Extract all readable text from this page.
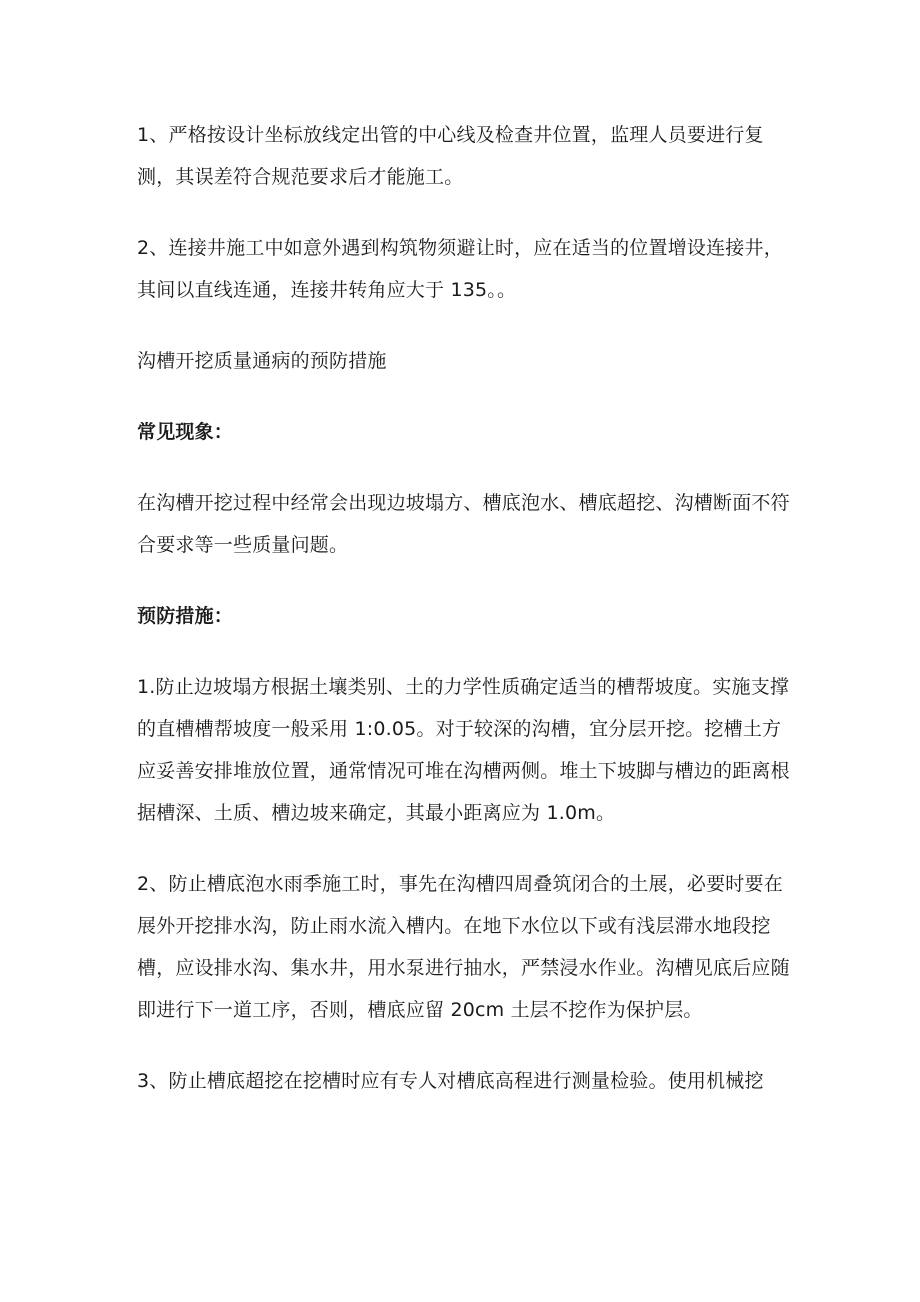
1、严格按设计坐标放线定出管的中心线及检查井位置，监理人员要进行复测，其误差符合规范要求后才能施工。

2、连接井施工中如意外遇到构筑物须避让时，应在适当的位置增设连接井，其间以直线连通，连接井转角应大于 135。。

沟槽开挖质量通病的预防措施

常见现象：

在沟槽开挖过程中经常会出现边坡塌方、槽底泡水、槽底超挖、沟槽断面不符合要求等一些质量问题。

预防措施：

1.防止边坡塌方根据土壤类别、土的力学性质确定适当的槽帮坡度。实施支撑的直槽槽帮坡度一般采用 1:0.05。对于较深的沟槽，宜分层开挖。挖槽土方应妥善安排堆放位置，通常情况可堆在沟槽两侧。堆土下坡脚与槽边的距离根据槽深、土质、槽边坡来确定，其最小距离应为 1.0m。

2、防止槽底泡水雨季施工时，事先在沟槽四周叠筑闭合的土展，必要时要在展外开挖排水沟，防止雨水流入槽内。在地下水位以下或有浅层滞水地段挖槽，应设排水沟、集水井，用水泵进行抽水，严禁浸水作业。沟槽见底后应随即进行下一道工序，否则，槽底应留 20cm 土层不挖作为保护层。

3、防止槽底超挖在挖槽时应有专人对槽底高程进行测量检验。使用机械挖
